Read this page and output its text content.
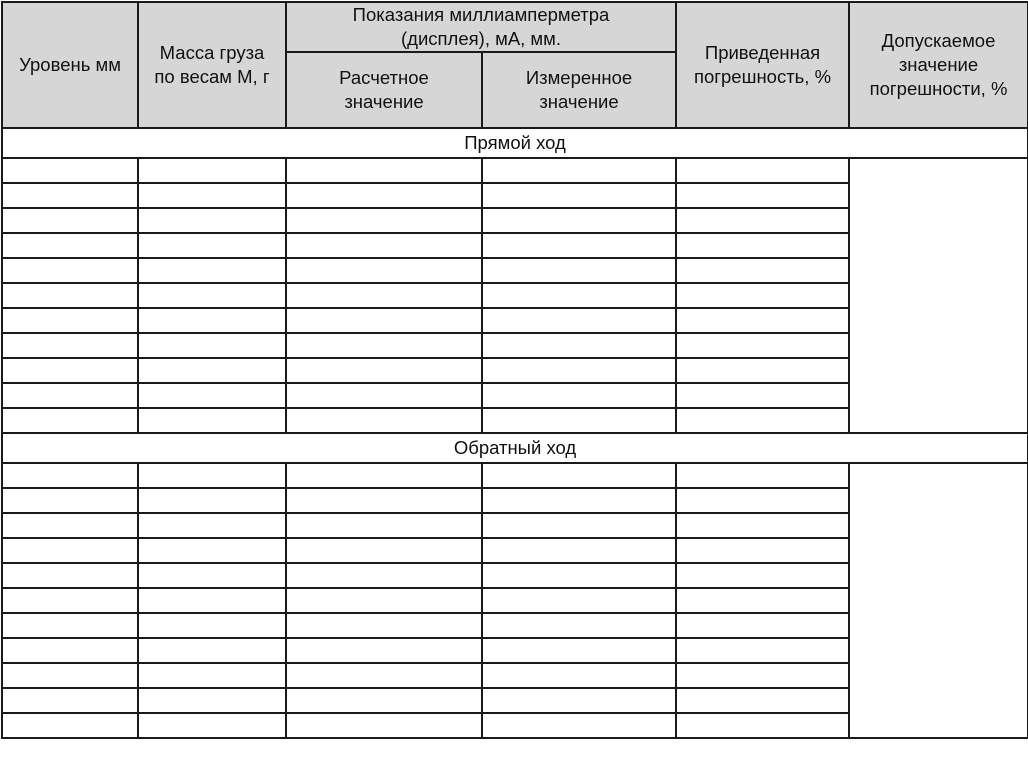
Уровень мм	Масса груза по весам М, г	Показания миллиамперметра (дисплея), мА, мм.		Приведенная погрешность, %	Допускаемое значение погрешности, %
		Расчетное значение	Измеренное значение		
Прямой ход					

Обратный ход					
